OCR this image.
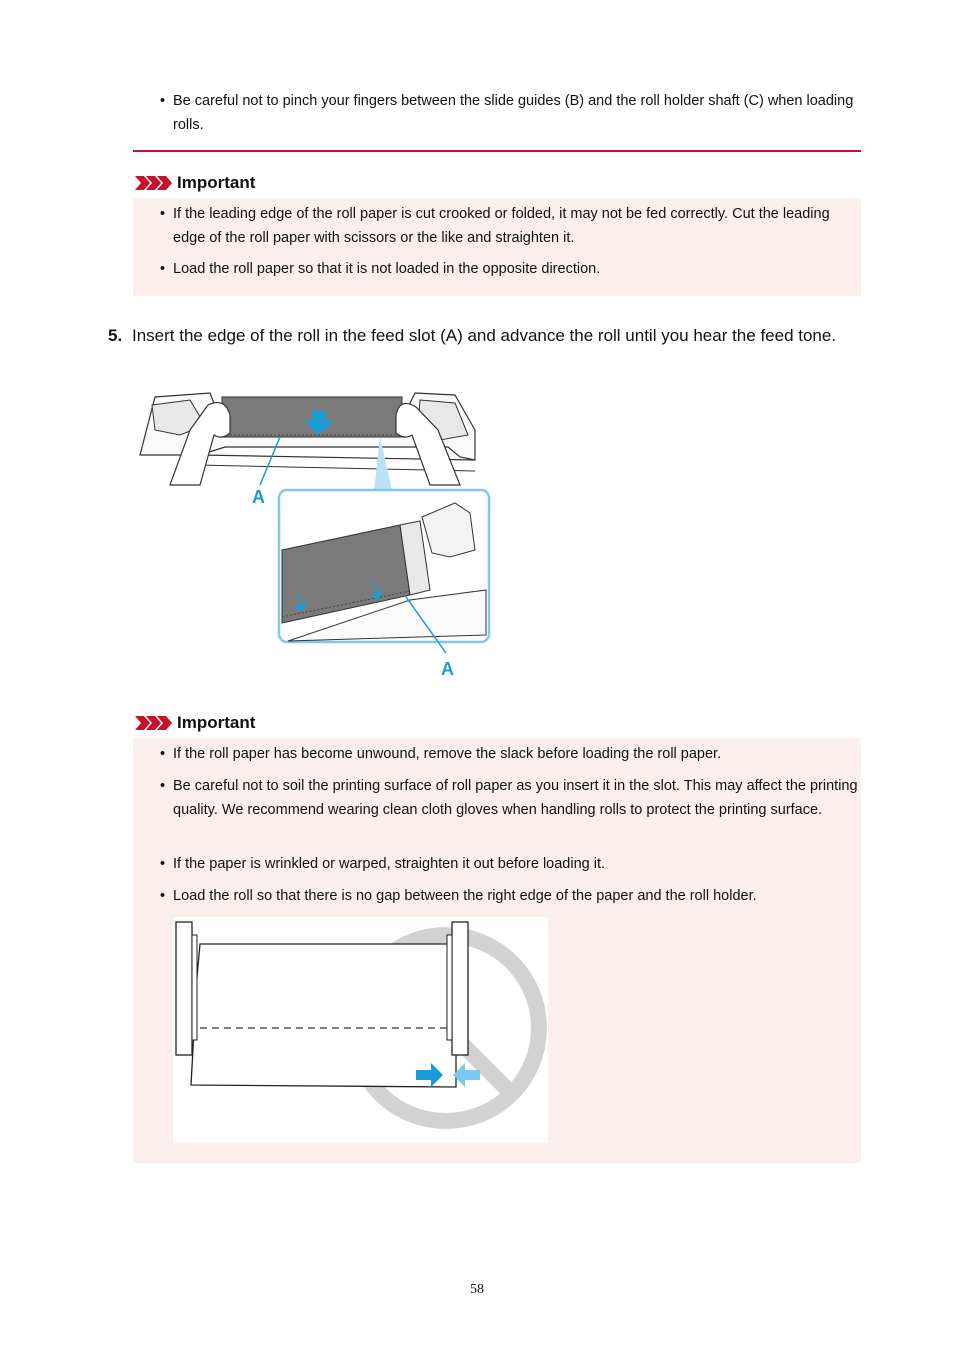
• Be careful not to pinch your fingers between the slide guides (B) and the roll holder shaft (C) when loading rolls.
Important
• If the leading edge of the roll paper is cut crooked or folded, it may not be fed correctly. Cut the leading edge of the roll paper with scissors or the like and straighten it.
• Load the roll paper so that it is not loaded in the opposite direction.
5. Insert the edge of the roll in the feed slot (A) and advance the roll until you hear the feed tone.
A
A
Important
• If the roll paper has become unwound, remove the slack before loading the roll paper.
• Be careful not to soil the printing surface of roll paper as you insert it in the slot. This may affect the printing quality. We recommend wearing clean cloth gloves when handling rolls to protect the printing surface.
• If the paper is wrinkled or warped, straighten it out before loading it.
• Load the roll so that there is no gap between the right edge of the paper and the roll holder.
58
